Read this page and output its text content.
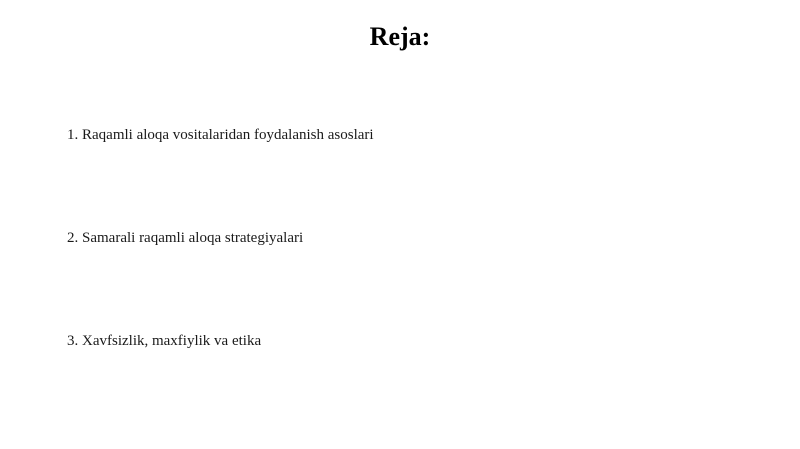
Reja:
1. Raqamli aloqa vositalaridan foydalanish asoslari
2. Samarali raqamli aloqa strategiyalari
3. Xavfsizlik, maxfiylik va etika
